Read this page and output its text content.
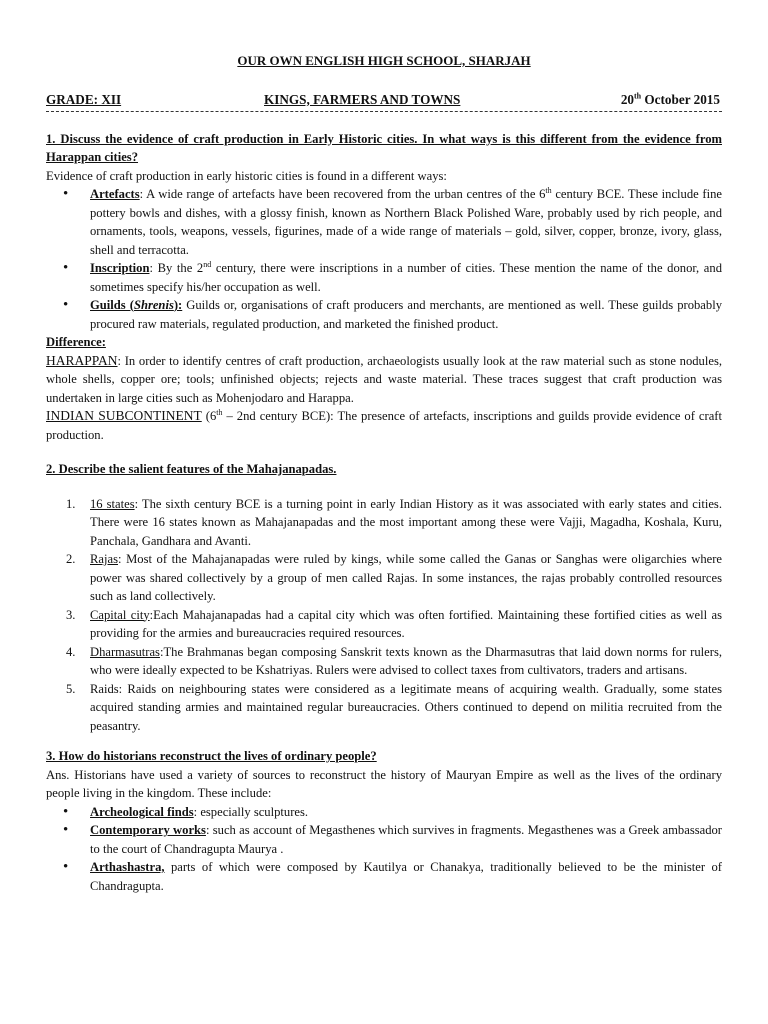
OUR OWN ENGLISH HIGH SCHOOL, SHARJAH
GRADE: XII	KINGS, FARMERS AND TOWNS	20th October 2015

1. Discuss the evidence of craft production in Early Historic cities. In what ways is this different from the evidence from Harappan cities?

Evidence of craft production in early historic cities is found in a different ways:

• Artefacts: A wide range of artefacts have been recovered from the urban centres of the 6th century BCE. These include fine pottery bowls and dishes, with a glossy finish, known as Northern Black Polished Ware, probably used by rich people, and ornaments, tools, weapons, vessels, figurines, made of a wide range of materials – gold, silver, copper, bronze, ivory, glass, shell and terracotta.
• Inscription: By the 2nd century, there were inscriptions in a number of cities. These mention the name of the donor, and sometimes specify his/her occupation as well.
• Guilds (Shrenis): Guilds or, organisations of craft producers and merchants, are mentioned as well. These guilds probably procured raw materials, regulated production, and marketed the finished product.

Difference:

HARAPPAN: In order to identify centres of craft production, archaeologists usually look at the raw material such as stone nodules, whole shells, copper ore; tools; unfinished objects; rejects and waste material. These traces suggest that craft production was undertaken in large cities such as Mohenjodaro and Harappa.

INDIAN SUBCONTINENT (6th – 2nd century BCE): The presence of artefacts, inscriptions and guilds provide evidence of craft production.

2. Describe the salient features of the Mahajanapadas.

1. 16 states: The sixth century BCE is a turning point in early Indian History as it was associated with early states and cities. There were 16 states known as Mahajanapadas and the most important among these were Vajji, Magadha, Koshala, Kuru, Panchala, Gandhara and Avanti.
2. Rajas: Most of the Mahajanapadas were ruled by kings, while some called the Ganas or Sanghas were oligarchies where power was shared collectively by a group of men called Rajas. In some instances, the rajas probably controlled resources such as land collectively.
3. Capital city:Each Mahajanapadas had a capital city which was often fortified. Maintaining these fortified cities as well as providing for the armies and bureaucracies required resources.
4. Dharmasutras:The Brahmanas began composing Sanskrit texts known as the Dharmasutras that laid down norms for rulers, who were ideally expected to be Kshatriyas. Rulers were advised to collect taxes from cultivators, traders and artisans.
5. Raids: Raids on neighbouring states were considered as a legitimate means of acquiring wealth. Gradually, some states acquired standing armies and maintained regular bureaucracies. Others continued to depend on militia recruited from the peasantry.

3. How do historians reconstruct the lives of ordinary people?

Ans. Historians have used a variety of sources to reconstruct the history of Mauryan Empire as well as the lives of the ordinary people living in the kingdom. These include:

• Archeological finds: especially sculptures.
• Contemporary works: such as account of Megasthenes which survives in fragments. Megasthenes was a Greek ambassador to the court of Chandragupta Maurya .
• Arthashastra, parts of which were composed by Kautilya or Chanakya, traditionally believed to be the minister of Chandragupta.
